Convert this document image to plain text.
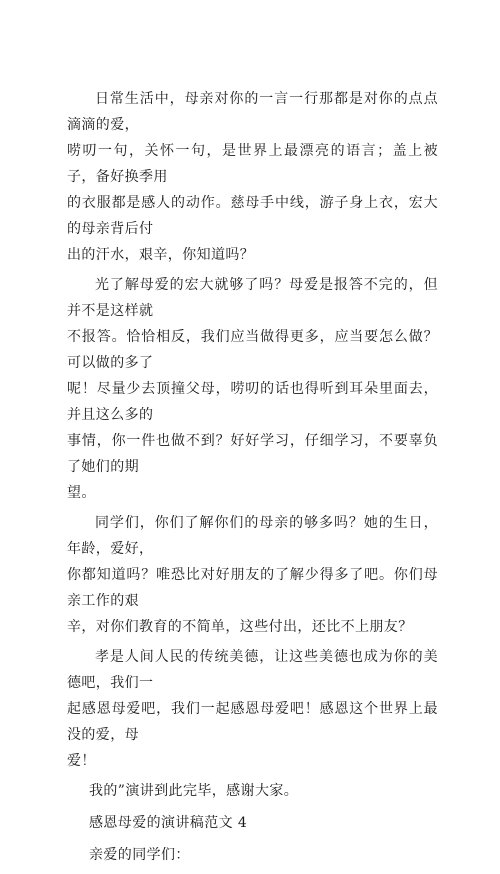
日常生活中，母亲对你的一言一行那都是对你的点点滴滴的爱，
唠叨一句，关怀一句，是世界上最漂亮的语言；盖上被子，备好换季用
的衣服都是感人的动作。慈母手中线，游子身上衣，宏大的母亲背后付
出的汗水，艰辛，你知道吗？
光了解母爱的宏大就够了吗？母爱是报答不完的，但并不是这样就
不报答。恰恰相反，我们应当做得更多，应当要怎么做？可以做的多了
呢！尽量少去顶撞父母，唠叨的话也得听到耳朵里面去，并且这么多的
事情，你一件也做不到？好好学习，仔细学习，不要辜负了她们的期
望。
同学们，你们了解你们的母亲的够多吗？她的生日，年龄，爱好，
你都知道吗？唯恐比对好朋友的了解少得多了吧。你们母亲工作的艰
辛，对你们教育的不简单，这些付出，还比不上朋友？
孝是人间人民的传统美德，让这些美德也成为你的美德吧，我们一
起感恩母爱吧，我们一起感恩母爱吧！感恩这个世界上最没的爱，母
爱！
我的”演讲到此完毕，感谢大家。
感恩母爱的演讲稿范文 4
亲爱的同学们：
